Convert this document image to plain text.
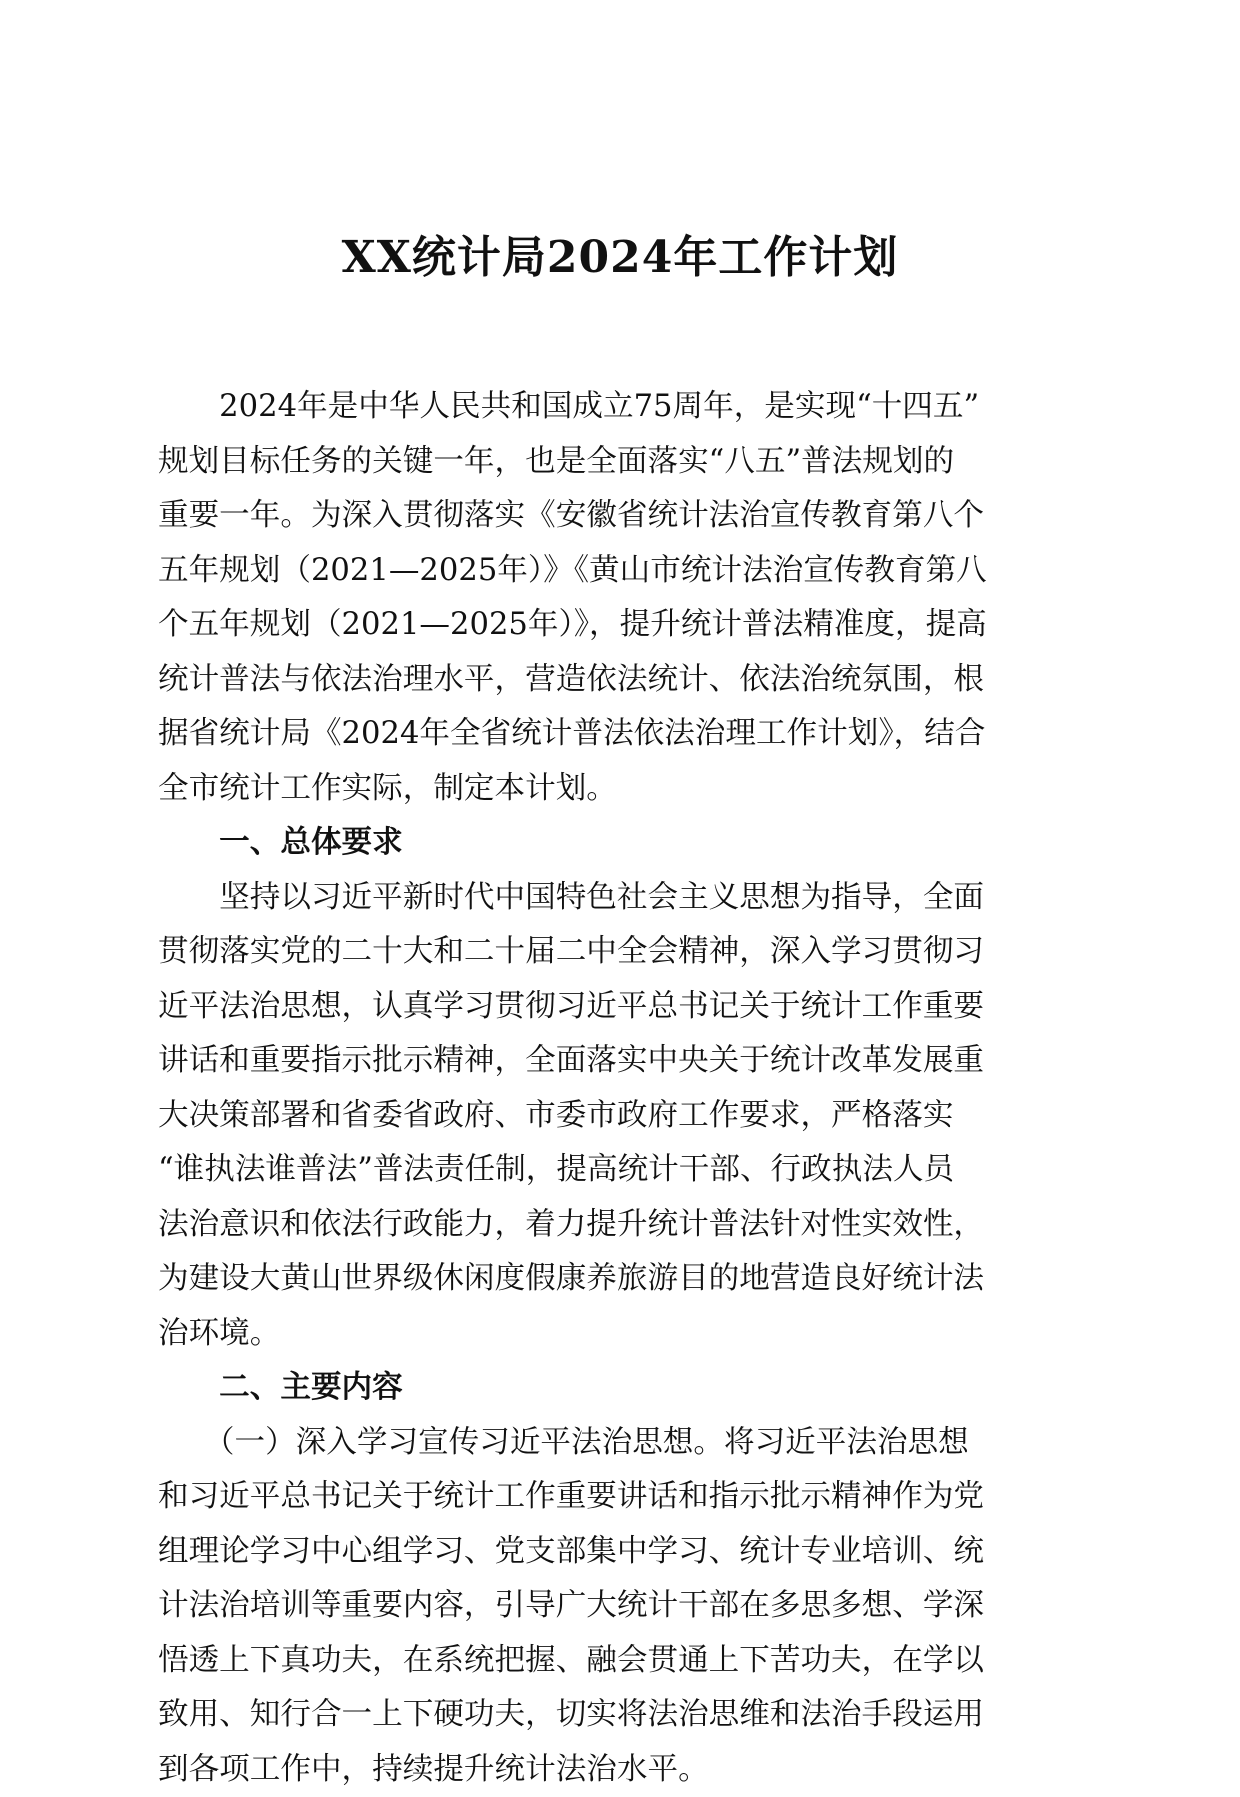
XX统计局2024年工作计划
　　2024年是中华人民共和国成立75周年，是实现“十四五”
规划目标任务的关键一年，也是全面落实“八五”普法规划的
重要一年。为深入贯彻落实《安徽省统计法治宣传教育第八个
五年规划（2021—2025年）》《黄山市统计法治宣传教育第八
个五年规划（2021—2025年）》，提升统计普法精准度，提高
统计普法与依法治理水平，营造依法统计、依法治统氛围，根
据省统计局《2024年全省统计普法依法治理工作计划》，结合
全市统计工作实际，制定本计划。
　　一、总体要求
　　坚持以习近平新时代中国特色社会主义思想为指导，全面
贯彻落实党的二十大和二十届二中全会精神，深入学习贯彻习
近平法治思想，认真学习贯彻习近平总书记关于统计工作重要
讲话和重要指示批示精神，全面落实中央关于统计改革发展重
大决策部署和省委省政府、市委市政府工作要求，严格落实
“谁执法谁普法”普法责任制，提高统计干部、行政执法人员
法治意识和依法行政能力，着力提升统计普法针对性实效性，
为建设大黄山世界级休闲度假康养旅游目的地营造良好统计法
治环境。
　　二、主要内容
　　（一）深入学习宣传习近平法治思想。将习近平法治思想
和习近平总书记关于统计工作重要讲话和指示批示精神作为党
组理论学习中心组学习、党支部集中学习、统计专业培训、统
计法治培训等重要内容，引导广大统计干部在多思多想、学深
悟透上下真功夫，在系统把握、融会贯通上下苦功夫，在学以
致用、知行合一上下硬功夫，切实将法治思维和法治手段运用
到各项工作中，持续提升统计法治水平。
